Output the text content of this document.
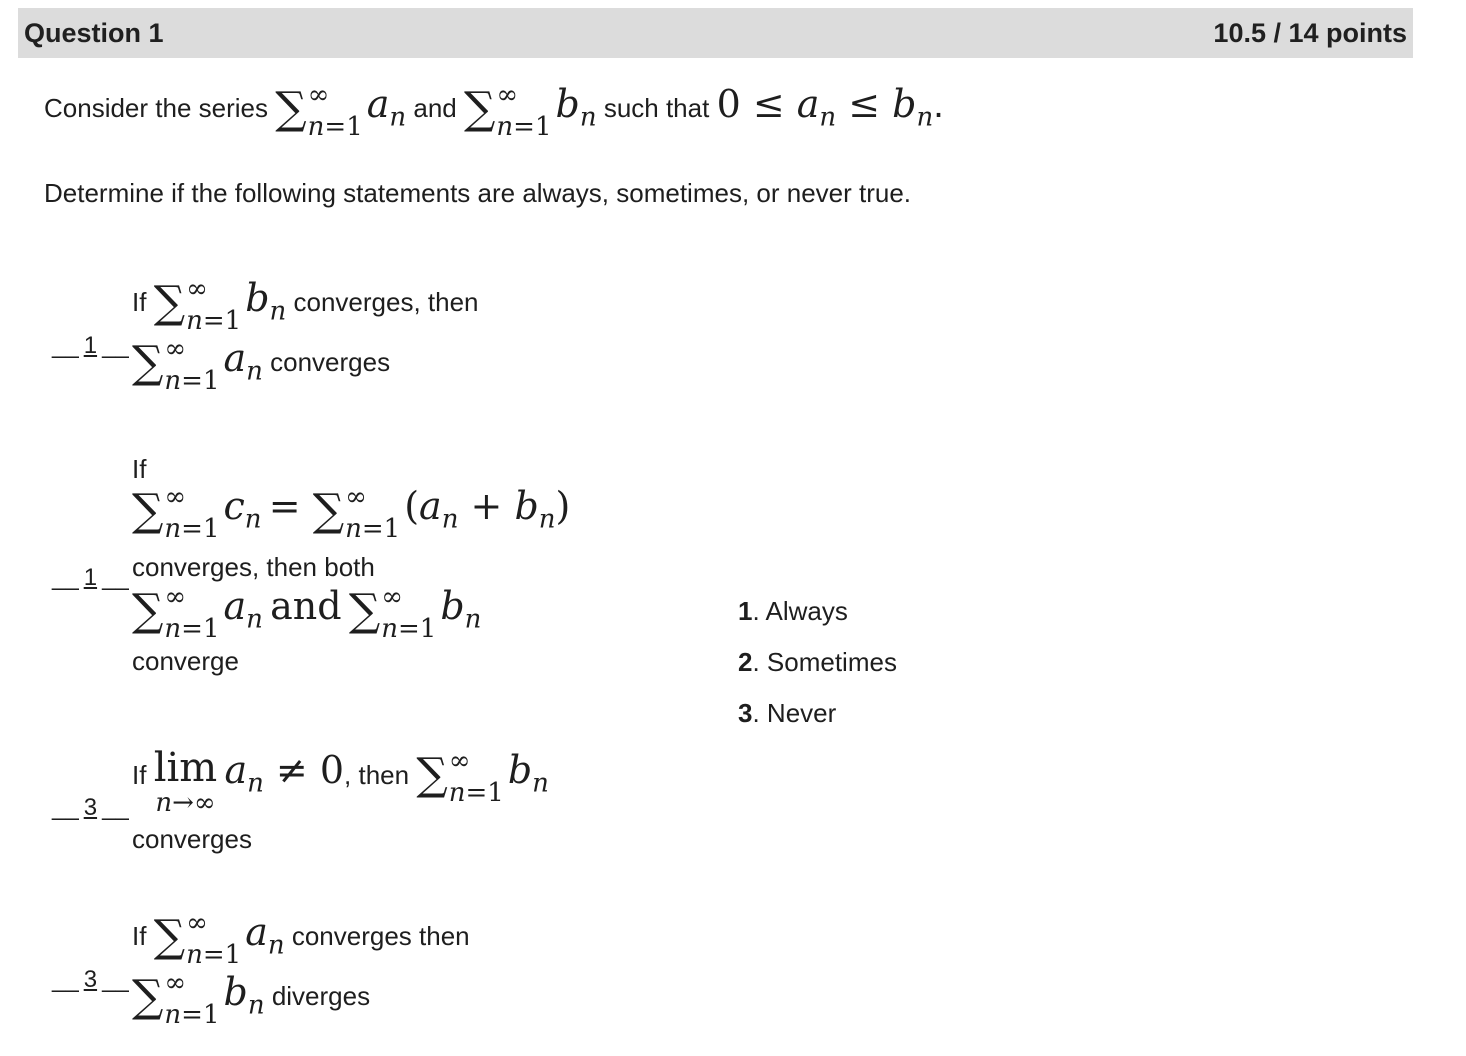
Question 1	10.5 / 14 points
Consider the series ∑ ∞
n=1
$a_n$ and ∑ ∞
n=1
$b_n$ such that $0 \le a_n \le b_n$.
Determine if the following statements are always, sometimes, or never true.
__ 1 __
If ∑ ∞
n=1
$b_n$ converges, then
∑ ∞
n=1
$a_n$ converges
__ 1 __
If
∑ ∞
n=1
$c_n$ = ∑ ∞
n=1
$(a_n + b_n)$
converges, then both
∑ ∞
n=1
$a_n$ and ∑ ∞
n=1
$b_n$
converge
__ 3 __
If lim
n→∞
$a_n \ne 0$, then ∑ ∞
n=1
$b_n$
converges
__ 3 __
If ∑ ∞
n=1
$a_n$ converges then
∑ ∞
n=1
$b_n$ diverges
1. Always
2. Sometimes
3. Never
